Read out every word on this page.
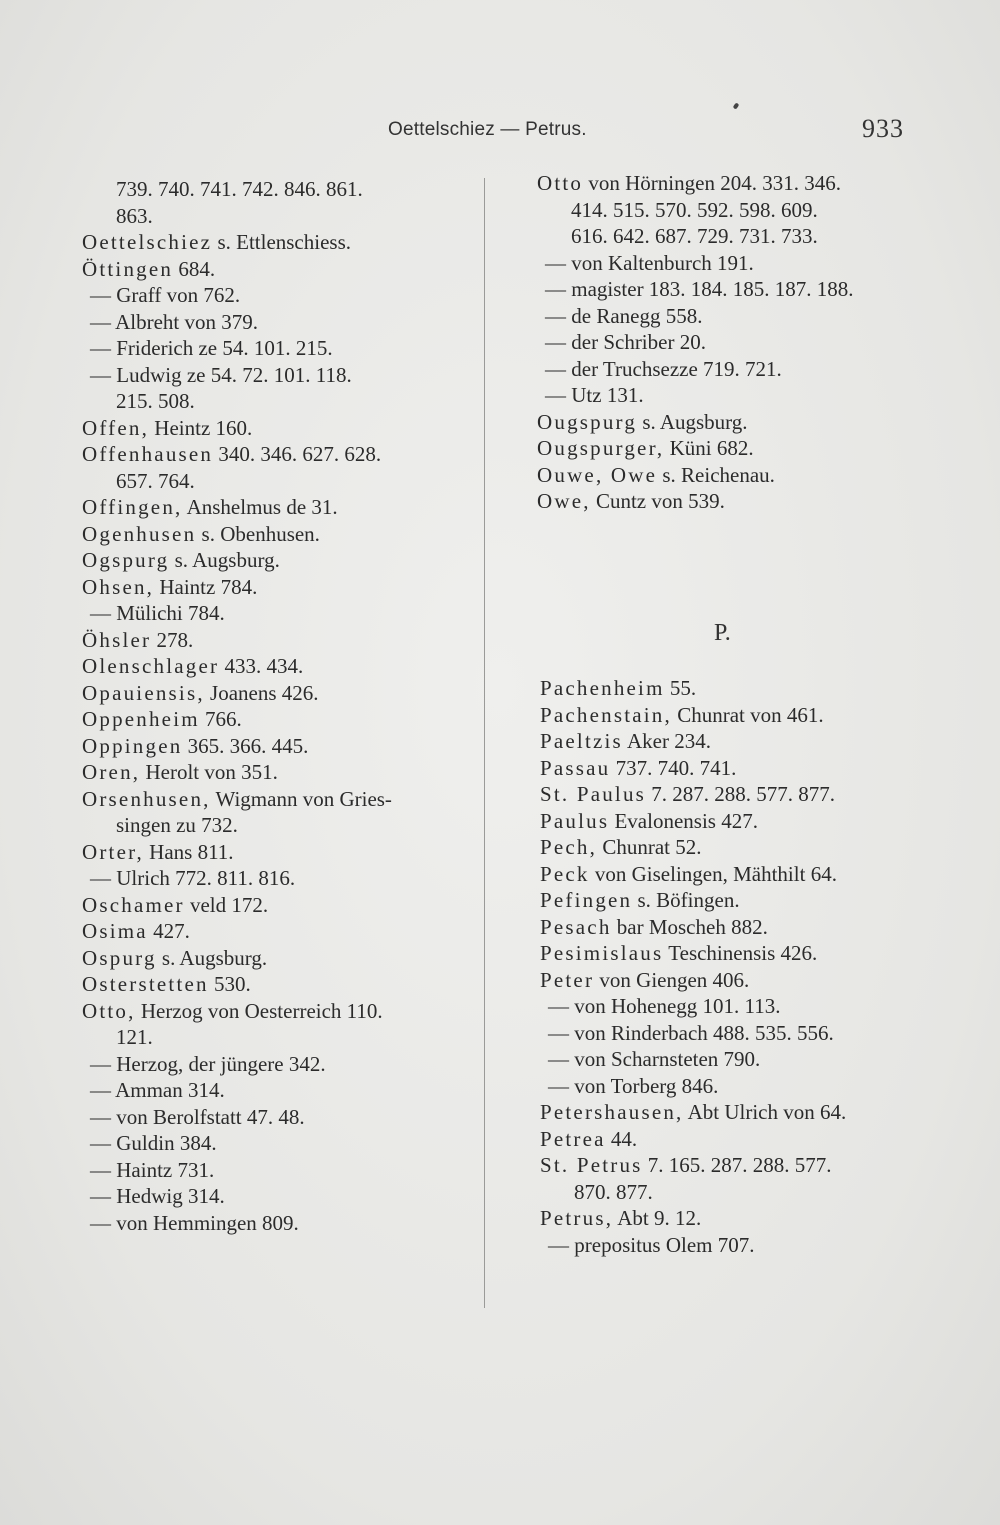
Oettelschiez — Petrus.	933
739. 740. 741. 742. 846. 861.
863.
Oettelschiez s. Ettlenschiess.
Öttingen 684.
— Graff von 762.
— Albreht von 379.
— Friderich ze 54. 101. 215.
— Ludwig ze 54. 72. 101. 118.
215. 508.
Offen, Heintz 160.
Offenhausen 340. 346. 627. 628.
657. 764.
Offingen, Anshelmus de 31.
Ogenhusen s. Obenhusen.
Ogspurg s. Augsburg.
Ohsen, Haintz 784.
— Mülichi 784.
Öhsler 278.
Olenschlager 433. 434.
Opauiensis, Joanens 426.
Oppenheim 766.
Oppingen 365. 366. 445.
Oren, Herolt von 351.
Orsenhusen, Wigmann von Gries-
singen zu 732.
Orter, Hans 811.
— Ulrich 772. 811. 816.
Oschamer veld 172.
Osima 427.
Ospurg s. Augsburg.
Osterstetten 530.
Otto, Herzog von Oesterreich 110.
121.
— Herzog, der jüngere 342.
— Amman 314.
— von Berolfstatt 47. 48.
— Guldin 384.
— Haintz 731.
— Hedwig 314.
— von Hemmingen 809.
Otto von Hörningen 204. 331. 346.
414. 515. 570. 592. 598. 609.
616. 642. 687. 729. 731. 733.
— von Kaltenburch 191.
— magister 183. 184. 185. 187. 188.
— de Ranegg 558.
— der Schriber 20.
— der Truchsezze 719. 721.
— Utz 131.
Ougspurg s. Augsburg.
Ougspurger, Küni 682.
Ouwe, Owe s. Reichenau.
Owe, Cuntz von 539.
P.
Pachenheim 55.
Pachenstain, Chunrat von 461.
Paeltzis Aker 234.
Passau 737. 740. 741.
St. Paulus 7. 287. 288. 577. 877.
Paulus Evalonensis 427.
Pech, Chunrat 52.
Peck von Giselingen, Mähthilt 64.
Pefingen s. Böfingen.
Pesach bar Moscheh 882.
Pesimislaus Teschinensis 426.
Peter von Giengen 406.
— von Hohenegg 101. 113.
— von Rinderbach 488. 535. 556.
— von Scharnsteten 790.
— von Torberg 846.
Petershausen, Abt Ulrich von 64.
Petrea 44.
St. Petrus 7. 165. 287. 288. 577.
870. 877.
Petrus, Abt 9. 12.
— prepositus Olem 707.
